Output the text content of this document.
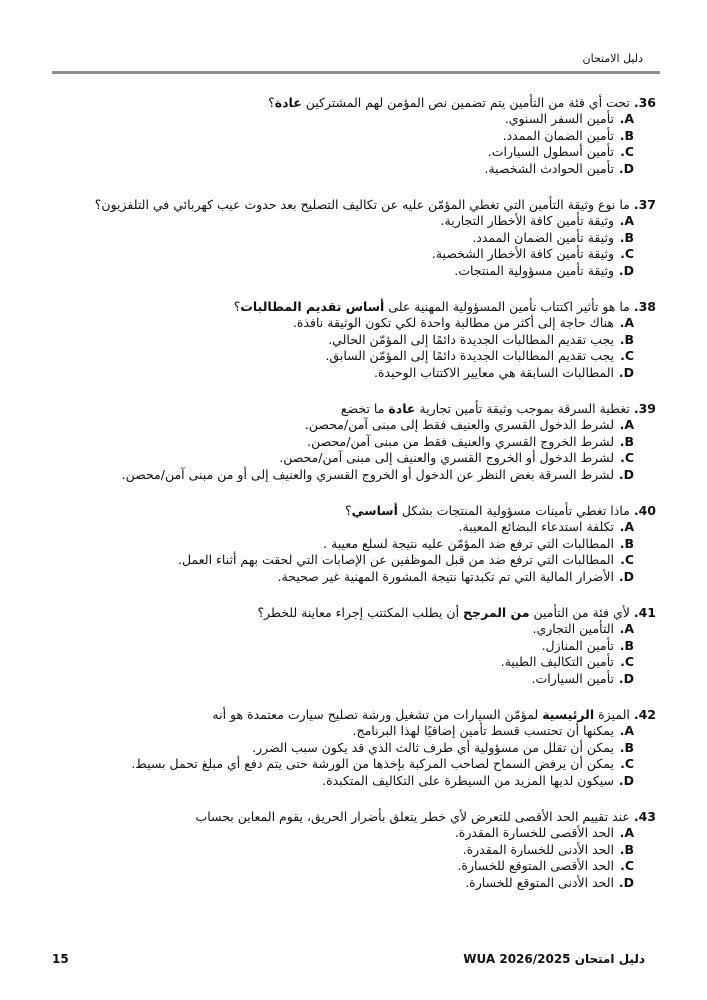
دليل الامتحان
36. تحت أي فئة من التأمين يتم تضمين نص المؤمن لهم المشتركين عادة؟
A. تأمين السفر السنوي.
B. تأمين الضمان الممدد.
C. تأمين أسطول السيارات.
D. تأمين الحوادث الشخصية.
37. ما نوع وثيقة التأمين التي تغطي المؤمّن عليه عن تكاليف التصليح بعد حدوث عيب كهربائي في التلفزيون؟
A. وثيقة تأمين كافة الأخطار التجارية.
B. وثيقة تأمين الضمان الممدد.
C. وثيقة تأمين كافة الأخطار الشخصية.
D. وثيقة تأمين مسؤولية المنتجات.
38. ما هو تأثير اكتتاب تأمين المسؤولية المهنية على أساس تقديم المطالبات؟
A. هناك حاجة إلى أكثر من مطالبة واحدة لكي تكون الوثيقة نافذة.
B. يجب تقديم المطالبات الجديدة دائمًا إلى المؤمّن الحالي.
C. يجب تقديم المطالبات الجديدة دائمًا إلى المؤمّن السابق.
D. المطالبات السابقة هي معايير الاكتتاب الوحيدة.
39. تغطية السرقة بموجب وثيقة تأمين تجارية عادة ما تخضع
A. لشرط الدخول القسري والعنيف فقط إلى مبنى آمن/محصن.
B. لشرط الخروج القسري والعنيف فقط من مبنى آمن/محصن.
C. لشرط الدخول أو الخروج القسري والعنيف إلى مبنى آمن/محصن.
D. لشرط السرقة بغض النظر عن الدخول أو الخروج القسري والعنيف إلى أو من مبنى آمن/محصن.
40. ماذا تغطي تأمينات مسؤولية المنتجات بشكل أساسي؟
A. تكلفة استدعاء البضائع المعيبة.
B. المطالبات التي ترفع ضد المؤمّن عليه نتيجة لسلع معيبة .
C. المطالبات التي ترفع ضد من قبل الموظفين عن الإصابات التي لحقت بهم أثناء العمل.
D. الأضرار المالية التي تم تكبدتها نتيجة المشورة المهنية غير صحيحة.
41. لأي فئة من التأمين من المرجح أن يطلب المكتتب إجراء معاينة للخطر؟
A. التأمين التجاري.
B. تأمين المنازل.
C. تأمين التكاليف الطبية.
D. تأمين السيارات.
42. الميزة الرئيسية لمؤمّن السيارات من تشغيل ورشة تصليح سيارت معتمدة هو أنه
A. يمكنها أن تحتسب قسط تأمين إضافيًا لهذا البرنامج.
B. يمكن أن تقلل من مسؤولية أي طرف ثالث الذي قد يكون سبب الضرر.
C. يمكن أن يرفض السماح لصاحب المركبة بإخذها من الورشة حتى يتم دفع أي مبلغ تحمل بسيط.
D. سيكون لديها المزيد من السيطرة على التكاليف المتكبدة.
43. عند تقييم الحد الأقصى للتعرض لأي خطر يتعلق بأضرار الحريق، يقوم المعاين بحساب
A. الحد الأقصى للخسارة المقدرة.
B. الحد الأدنى للخسارة المقدرة.
C. الحد الأقصى المتوقع للخسارة.
D. الحد الأدنى المتوقع للخسارة.
دليل امتحان WUA 2026/2025
15
